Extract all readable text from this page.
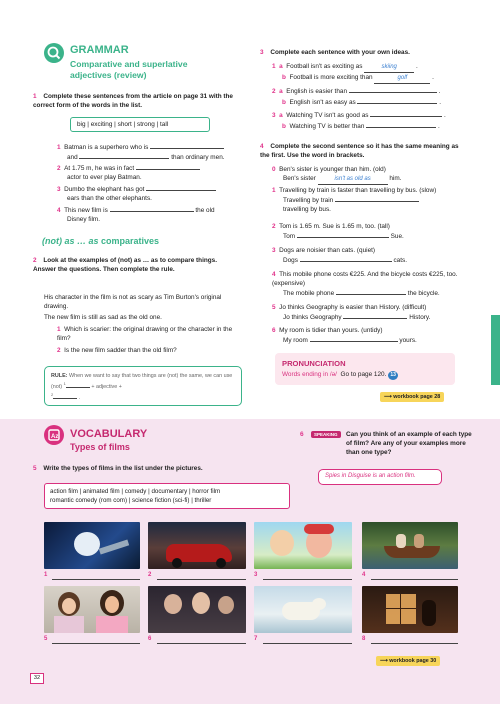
GRAMMAR
Comparative and superlative adjectives (review)
1 Complete these sentences from the article on page 31 with the correct form of the words in the list.
big | exciting | short | strong | tall
1 Batman is a superhero who is
and	than ordinary men.
2 At 1.75 m, he was in fact
actor to ever play Batman.
3 Dumbo the elephant has got
ears than the other elephants.
4 This new film is	the old
Disney film.
(not) as … as comparatives
2 Look at the examples of (not) as … as to compare things. Answer the questions. Then complete the rule.
His character in the film is not as scary as Tim Burton's original drawing.
The new film is still as sad as the old one.
1 Which is scarier: the original drawing or the character in the film?
2 Is the new film sadder than the old film?
RULE: When we want to say that two things are (not) the same, we can use (not) $^1$ + adjective +
$^2$ .
3 Complete each sentence with your own ideas.
1 a Football isn't as exciting as	skiing	.
b Football is more exciting than	golf	.
2 a English is easier than	.
b English isn't as easy as	.
3 a Watching TV isn't as good as	.
b Watching TV is better than	.
4 Complete the second sentence so it has the same meaning as the first. Use the word in brackets.
0 Ben's sister is younger than him. (old)
Ben's sister	isn't as old as	him.
1 Travelling by train is faster than travelling by bus. (slow)
Travelling by train
travelling by bus.
2 Tom is 1.65 m. Sue is 1.65 m, too. (tall)
Tom	Sue.
3 Dogs are noisier than cats. (quiet)
Dogs	cats.
4 This mobile phone costs €225. And the bicycle costs €225, too. (expensive)
The mobile phone	the bicycle.
5 Jo thinks Geography is easier than History. (difficult)
Jo thinks Geography	History.
6 My room is tidier than yours. (untidy)
My room	yours.
PRONUNCIATION
Words ending in /ə/ Go to page 120. 13
⟶ workbook page 28
Az VOCABULARY
Types of films
5 Write the types of films in the list under the pictures.
action film | animated film | comedy | documentary | horror film
romantic comedy (rom com) | science fiction (sci-fi) | thriller
6	SPEAKING	Can you think of an example of each type of film? Are any of your examples more than one type?
Spies in Disguise is an action film.
1	2	3	4
5	6	7	8
⟶ workbook page 30
32
